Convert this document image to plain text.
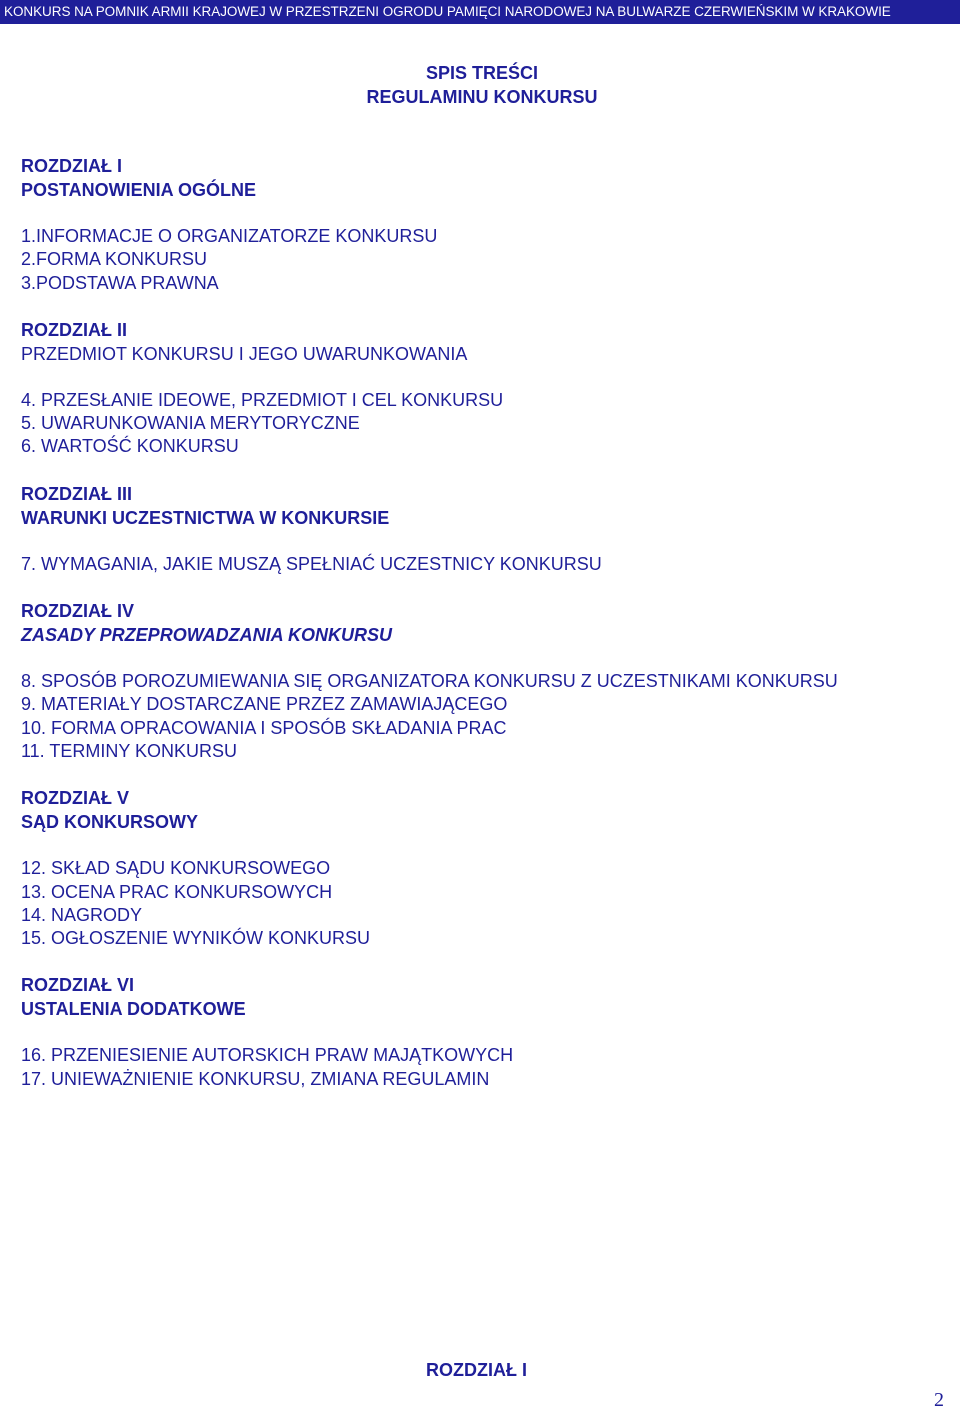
KONKURS NA POMNIK ARMII KRAJOWEJ W PRZESTRZENI OGRODU PAMIĘCI NARODOWEJ NA BULWARZE CZERWIEŃSKIM W KRAKOWIE
SPIS TREŚCI
REGULAMINU KONKURSU
ROZDZIAŁ I
POSTANOWIENIA OGÓLNE
1.INFORMACJE O ORGANIZATORZE KONKURSU
2.FORMA KONKURSU
3.PODSTAWA PRAWNA
ROZDZIAŁ II
PRZEDMIOT KONKURSU I JEGO UWARUNKOWANIA
4. PRZESŁANIE IDEOWE, PRZEDMIOT I CEL KONKURSU
5. UWARUNKOWANIA MERYTORYCZNE
6. WARTOŚĆ KONKURSU
ROZDZIAŁ III
WARUNKI UCZESTNICTWA W KONKURSIE
7. WYMAGANIA, JAKIE MUSZĄ SPEŁNIAĆ UCZESTNICY KONKURSU
ROZDZIAŁ IV
ZASADY PRZEPROWADZANIA KONKURSU
8. SPOSÓB POROZUMIEWANIA SIĘ ORGANIZATORA KONKURSU Z UCZESTNIKAMI KONKURSU
9. MATERIAŁY DOSTARCZANE PRZEZ ZAMAWIAJĄCEGO
10. FORMA OPRACOWANIA I SPOSÓB SKŁADANIA PRAC
11. TERMINY KONKURSU
ROZDZIAŁ V
SĄD KONKURSOWY
12. SKŁAD SĄDU KONKURSOWEGO
13. OCENA PRAC KONKURSOWYCH
14. NAGRODY
15. OGŁOSZENIE WYNIKÓW KONKURSU
ROZDZIAŁ VI
USTALENIA DODATKOWE
16. PRZENIESIENIE AUTORSKICH PRAW MAJĄTKOWYCH
17. UNIEWAŻNIENIE KONKURSU, ZMIANA REGULAMIN
ROZDZIAŁ I
2
